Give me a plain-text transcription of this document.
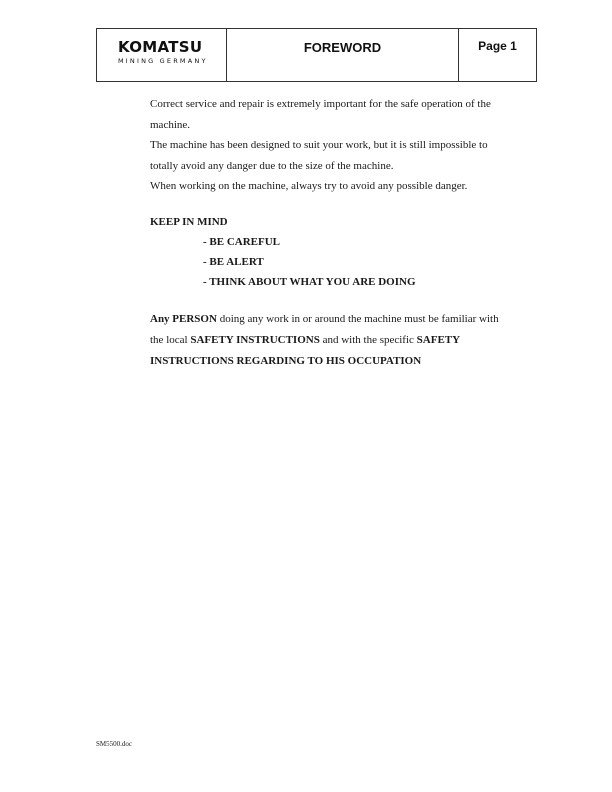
KOMATSU
MINING GERMANY
FOREWORD	Page 1
Correct service and repair is extremely important for the safe operation of the
machine.
The machine has been designed to suit your work, but it is still impossible to
totally avoid any danger due to the size of the machine.
When working on the machine, always try to avoid any possible danger.
KEEP IN MIND
- BE CAREFUL
- BE ALERT
- THINK ABOUT WHAT YOU ARE DOING
Any PERSON doing any work in or around the machine must be familiar with
the local SAFETY INSTRUCTIONS and with the specific SAFETY
INSTRUCTIONS REGARDING TO HIS OCCUPATION
SM5500.doc
